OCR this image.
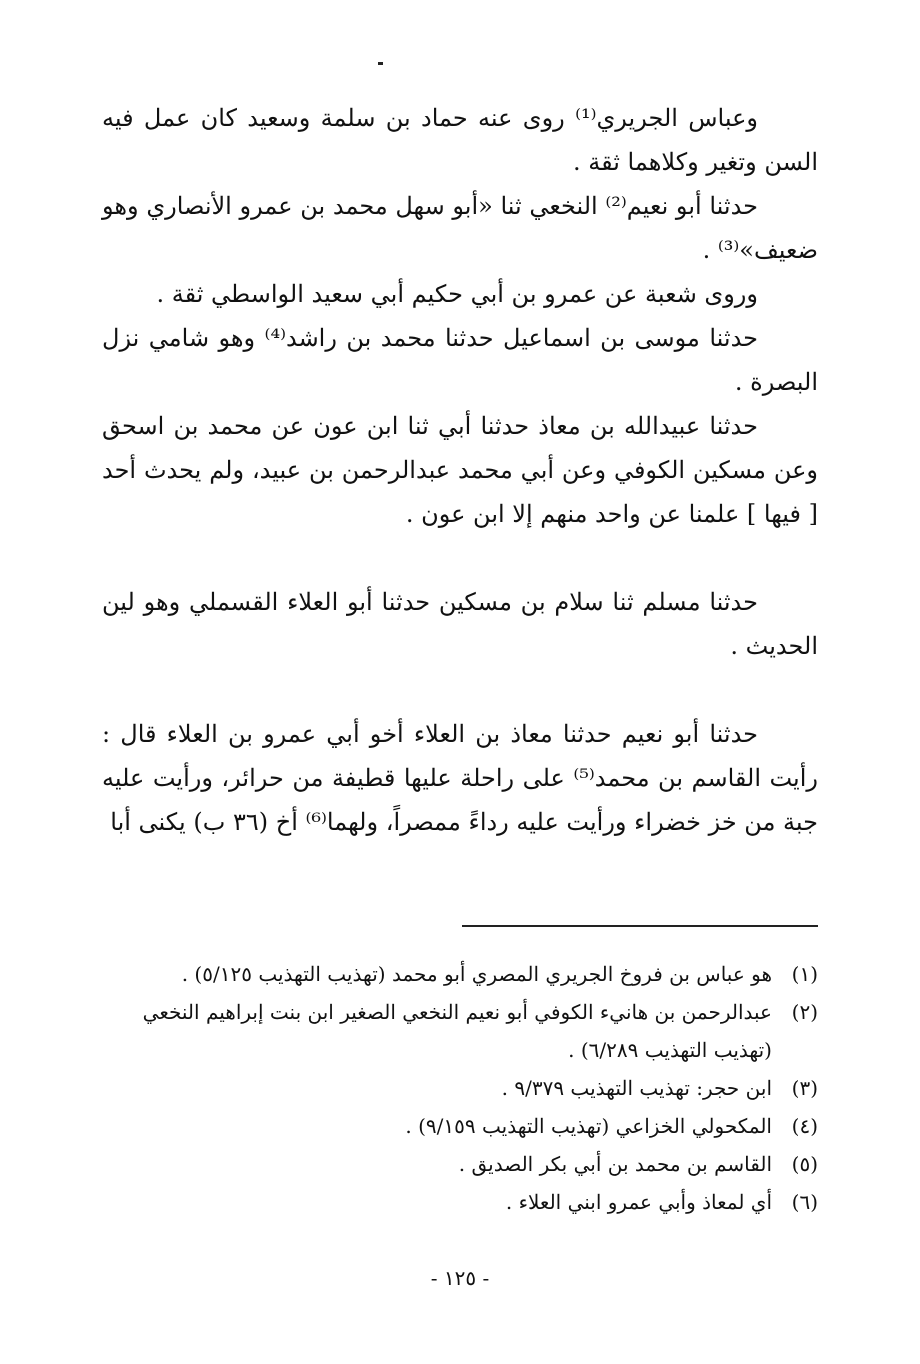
وعباس الجريري⁽¹⁾ روى عنه حماد بن سلمة وسعيد كان عمل فيه السن وتغير وكلاهما ثقة .

حدثنا أبو نعيم⁽²⁾ النخعي ثنا «أبو سهل محمد بن عمرو الأنصاري وهو ضعيف»⁽³⁾ .

وروى شعبة عن عمرو بن أبي حكيم أبي سعيد الواسطي ثقة .

حدثنا موسى بن اسماعيل حدثنا محمد بن راشد⁽⁴⁾ وهو شامي نزل البصرة .

حدثنا عبيدالله بن معاذ حدثنا أبي ثنا ابن عون عن محمد بن اسحق وعن مسكين الكوفي وعن أبي محمد عبدالرحمن بن عبيد، ولم يحدث أحد [ فيها ] علمنا عن واحد منهم إلا ابن عون .

حدثنا مسلم ثنا سلام بن مسكين حدثنا أبو العلاء القسملي وهو لين الحديث .

حدثنا أبو نعيم حدثنا معاذ بن العلاء أخو أبي عمرو بن العلاء قال : رأيت القاسم بن محمد⁽⁵⁾ على راحلة عليها قطيفة من حرائر، ورأيت عليه جبة من خز خضراء ورأيت عليه رداءً ممصراً، ولهما⁽⁶⁾ أخ (٣٦ ب) يكنى أبا

(١)
هو عباس بن فروخ الجريري المصري أبو محمد (تهذيب التهذيب ٥/١٢٥) .
(٢)
عبدالرحمن بن هانيء الكوفي أبو نعيم النخعي الصغير ابن بنت إبراهيم النخعي

(تهذيب التهذيب ٦/٢٨٩) .

(٣)
ابن حجر: تهذيب التهذيب ٩/٣٧٩ .
(٤)
المكحولي الخزاعي (تهذيب التهذيب ٩/١٥٩) .
(٥)
القاسم بن محمد بن أبي بكر الصديق .
(٦)
أي لمعاذ وأبي عمرو ابني العلاء .
- ١٢٥ -
